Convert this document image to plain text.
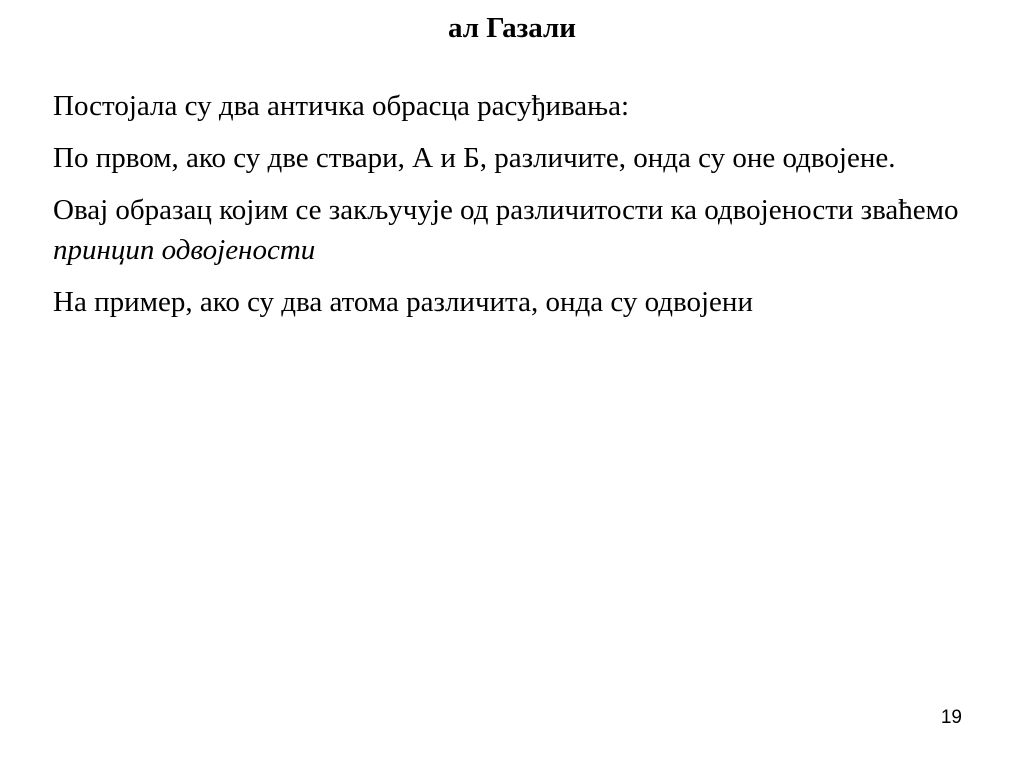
ал Газали

Постојала су два античка обрасца расуђивања:

По првом, ако су две ствари, А и Б, различите, онда су оне одвојене.

Овај образац којим се закључује од различитости ка одвојености зваћемо принцип одвојености

На пример, ако су два атома различита, онда су одвојени

19
